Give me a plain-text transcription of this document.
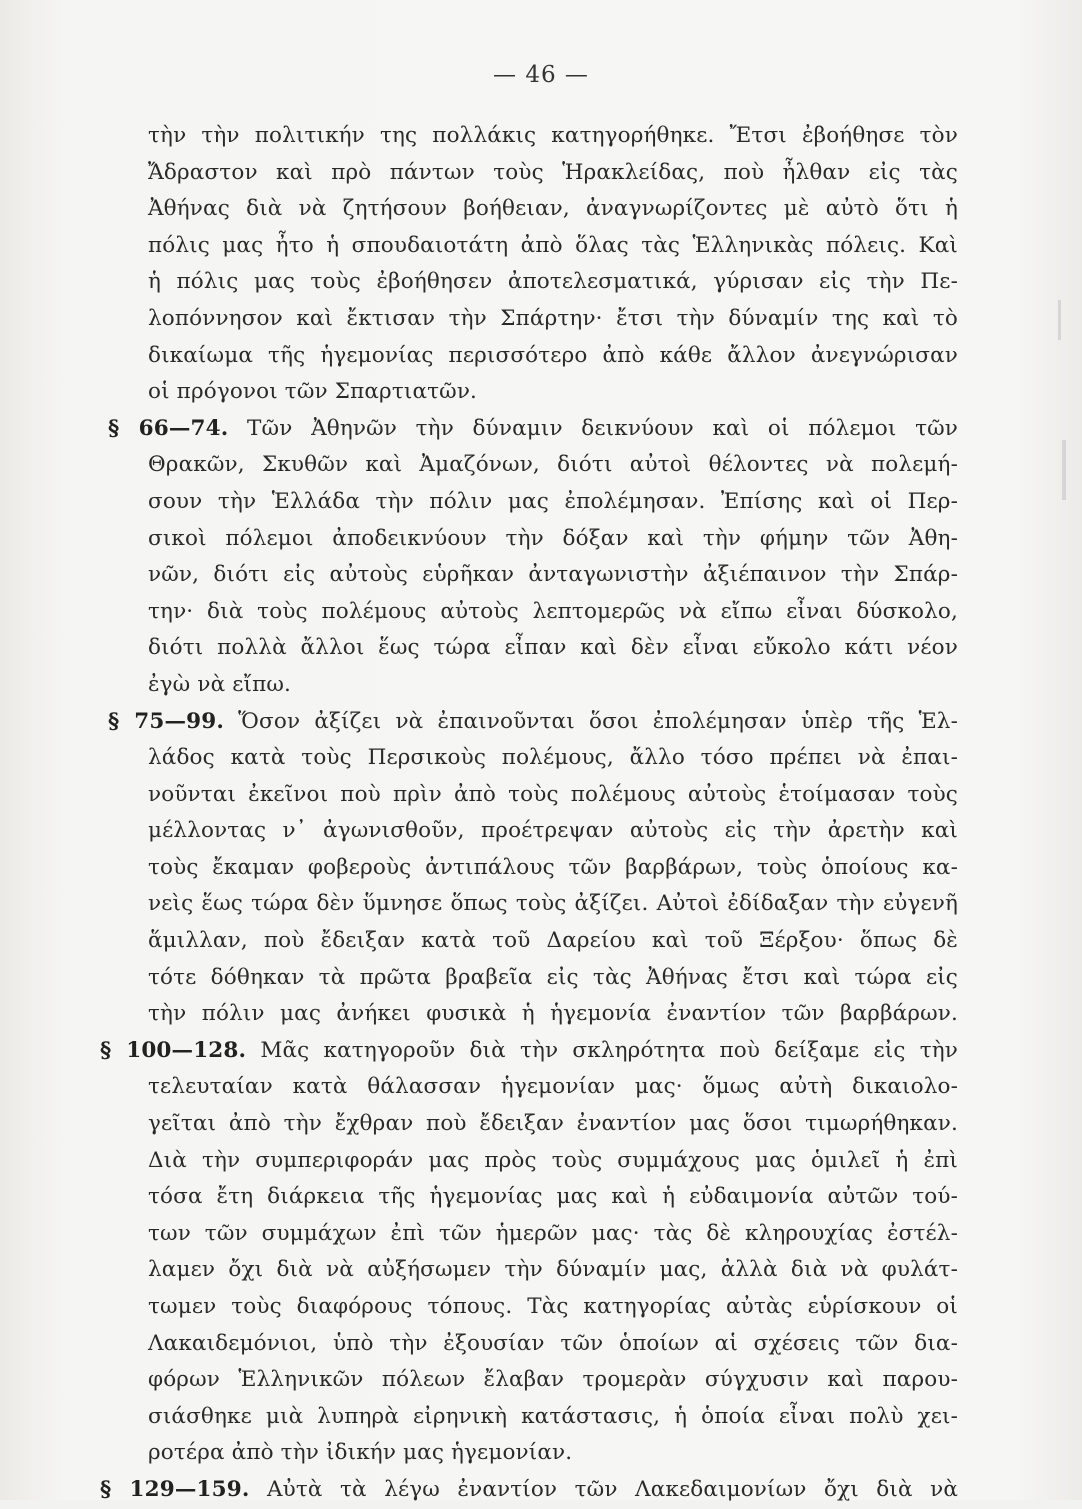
— 46 —
τὴν τὴν πολιτικήν της πολλάκις κατηγορήθηκε. Ἔτσι ἐβοήθησε τὸν
Ἄδραστον καὶ πρὸ πάντων τοὺς Ἡρακλείδας, ποὺ ἦλθαν εἰς τὰς
Ἀθήνας διὰ νὰ ζητήσουν βοήθειαν, ἀναγνωρίζοντες μὲ αὐτὸ ὅτι ἡ
πόλις μας ἦτο ἡ σπουδαιοτάτη ἀπὸ ὅλας τὰς Ἑλληνικὰς πόλεις. Καὶ
ἡ πόλις μας τοὺς ἐβοήθησεν ἀποτελεσματικά, γύρισαν εἰς τὴν Πε-
λοπόννησον καὶ ἔκτισαν τὴν Σπάρτην· ἔτσι τὴν δύναμίν της καὶ τὸ
δικαίωμα τῆς ἡγεμονίας περισσότερο ἀπὸ κάθε ἄλλον ἀνεγνώρισαν
οἱ πρόγονοι τῶν Σπαρτιατῶν.
§ 66—74. Τῶν Ἀθηνῶν τὴν δύναμιν δεικνύουν καὶ οἱ πόλεμοι τῶν
Θρακῶν, Σκυθῶν καὶ Ἀμαζόνων, διότι αὐτοὶ θέλοντες νὰ πολεμή-
σουν τὴν Ἑλλάδα τὴν πόλιν μας ἐπολέμησαν. Ἐπίσης καὶ οἱ Περ-
σικοὶ πόλεμοι ἀποδεικνύουν τὴν δόξαν καὶ τὴν φήμην τῶν Ἀθη-
νῶν, διότι εἰς αὐτοὺς εὑρῆκαν ἀνταγωνιστὴν ἀξιέπαινον τὴν Σπάρ-
την· διὰ τοὺς πολέμους αὐτοὺς λεπτομερῶς νὰ εἴπω εἶναι δύσκολο,
διότι πολλὰ ἄλλοι ἕως τώρα εἶπαν καὶ δὲν εἶναι εὔκολο κάτι νέον
ἐγὼ νὰ εἴπω.
§ 75—99. Ὅσον ἀξίζει νὰ ἐπαινοῦνται ὅσοι ἐπολέμησαν ὑπὲρ τῆς Ἑλ-
λάδος κατὰ τοὺς Περσικοὺς πολέμους, ἄλλο τόσο πρέπει νὰ ἐπαι-
νοῦνται ἐκεῖνοι ποὺ πρὶν ἀπὸ τοὺς πολέμους αὐτοὺς ἑτοίμασαν τοὺς
μέλλοντας ν᾽ ἀγωνισθοῦν, προέτρεψαν αὐτοὺς εἰς τὴν ἀρετὴν καὶ
τοὺς ἔκαμαν φοβεροὺς ἀντιπάλους τῶν βαρβάρων, τοὺς ὁποίους κα-
νεὶς ἕως τώρα δὲν ὕμνησε ὅπως τοὺς ἀξίζει. Αὐτοὶ ἐδίδαξαν τὴν εὐγενῆ
ἅμιλλαν, ποὺ ἔδειξαν κατὰ τοῦ Δαρείου καὶ τοῦ Ξέρξου· ὅπως δὲ
τότε δόθηκαν τὰ πρῶτα βραβεῖα εἰς τὰς Ἀθήνας ἔτσι καὶ τώρα εἰς
τὴν πόλιν μας ἀνήκει φυσικὰ ἡ ἡγεμονία ἐναντίον τῶν βαρβάρων.
§ 100—128. Μᾶς κατηγοροῦν διὰ τὴν σκληρότητα ποὺ δείξαμε εἰς τὴν
τελευταίαν κατὰ θάλασσαν ἡγεμονίαν μας· ὅμως αὐτὴ δικαιολο-
γεῖται ἀπὸ τὴν ἔχθραν ποὺ ἔδειξαν ἐναντίον μας ὅσοι τιμωρήθηκαν.
Διὰ τὴν συμπεριφοράν μας πρὸς τοὺς συμμάχους μας ὁμιλεῖ ἡ ἐπὶ
τόσα ἔτη διάρκεια τῆς ἡγεμονίας μας καὶ ἡ εὐδαιμονία αὐτῶν τού-
των τῶν συμμάχων ἐπὶ τῶν ἡμερῶν μας· τὰς δὲ κληρουχίας ἐστέλ-
λαμεν ὄχι διὰ νὰ αὐξήσωμεν τὴν δύναμίν μας, ἀλλὰ διὰ νὰ φυλάτ-
τωμεν τοὺς διαφόρους τόπους. Τὰς κατηγορίας αὐτὰς εὑρίσκουν οἱ
Λακαιδεμόνιοι, ὑπὸ τὴν ἐξουσίαν τῶν ὁποίων αἱ σχέσεις τῶν δια-
φόρων Ἑλληνικῶν πόλεων ἔλαβαν τρομερὰν σύγχυσιν καὶ παρου-
σιάσθηκε μιὰ λυπηρὰ εἰρηνικὴ κατάστασις, ἡ ὁποία εἶναι πολὺ χει-
ροτέρα ἀπὸ τὴν ἰδικήν μας ἡγεμονίαν.
§ 129—159. Αὐτὰ τὰ λέγω ἐναντίον τῶν Λακεδαιμονίων ὄχι διὰ νὰ
